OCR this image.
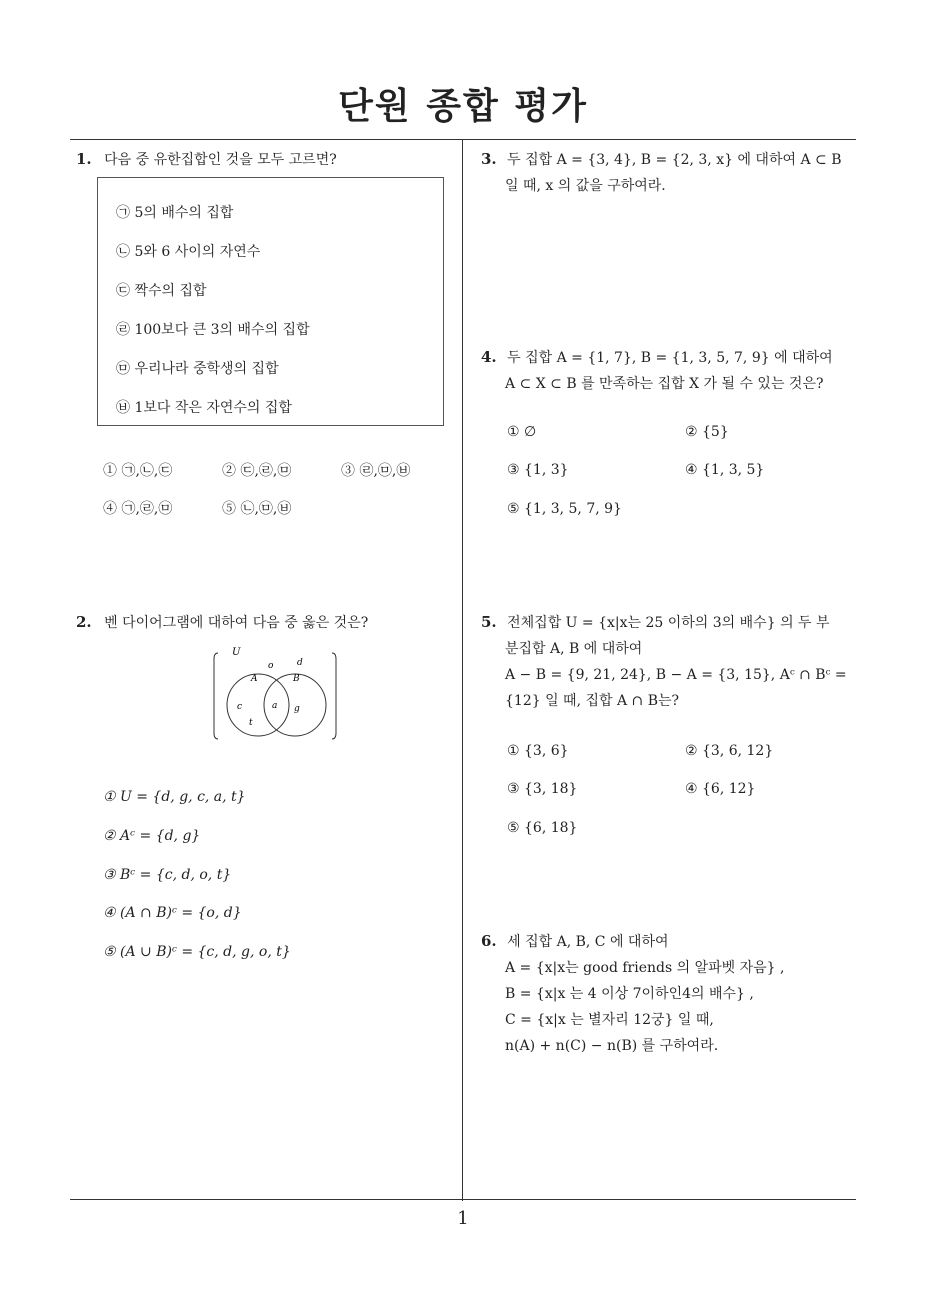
단원 종합 평가
1. 다음 중 유한집합인 것을 모두 고르면?
㉠ 5의 배수의 집합
㉡ 5와 6 사이의 자연수
㉢ 짝수의 집합
㉣ 100보다 큰 3의 배수의 집합
㉤ 우리나라 중학생의 집합
㉥ 1보다 작은 자연수의 집합
① ㉠,㉡,㉢	② ㉢,㉣,㉤	③ ㉣,㉤,㉥
④ ㉠,㉣,㉤	⑤ ㉡,㉤,㉥
2. 벤 다이어그램에 대하여 다음 중 옳은 것은?
U
o	d
A	B
c	a g
t
① U = {d, g, c, a, t}
② Aᶜ = {d, g}
③ Bᶜ = {c, d, o, t}
④ (A ∩ B)ᶜ = {o, d}
⑤ (A ∪ B)ᶜ = {c, d, g, o, t}
3. 두 집합 A = {3, 4}, B = {2, 3, x} 에 대하여 A ⊂ B
일 때, x 의 값을 구하여라.
4. 두 집합 A = {1, 7}, B = {1, 3, 5, 7, 9} 에 대하여
A ⊂ X ⊂ B 를 만족하는 집합 X 가 될 수 있는 것은?
① ∅	② {5}
③ {1, 3}	④ {1, 3, 5}
⑤ {1, 3, 5, 7, 9}
5. 전체집합 U = {x|x는 25 이하의 3의 배수} 의 두 부
분집합 A, B 에 대하여
A − B = {9, 21, 24}, B − A = {3, 15}, Aᶜ ∩ Bᶜ =
{12} 일 때, 집합 A ∩ B는?
① {3, 6}	② {3, 6, 12}
③ {3, 18}	④ {6, 12}
⑤ {6, 18}
6. 세 집합 A, B, C 에 대하여
A = {x|x는 good friends 의 알파벳 자음} ,
B = {x|x 는 4 이상 7이하인4의 배수} ,
C = {x|x 는 별자리 12궁} 일 때,
n(A) + n(C) − n(B) 를 구하여라.
1
